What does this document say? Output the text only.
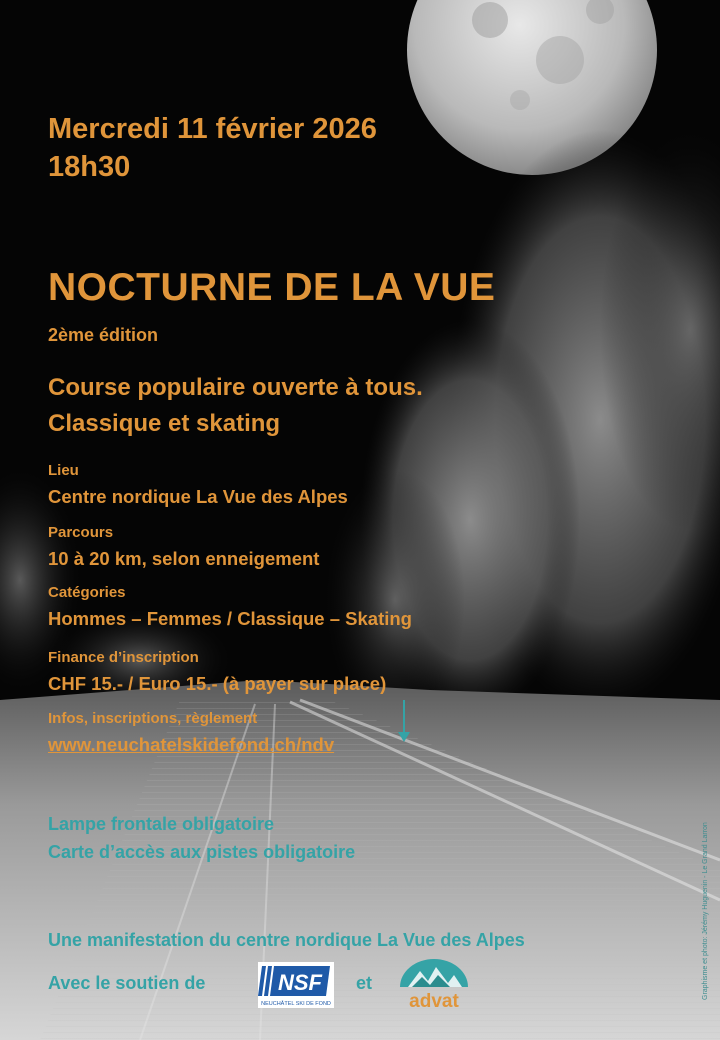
Mercredi 11 février 2026

18h30

NOCTURNE DE LA VUE

2ème édition

Course populaire ouverte à tous.

Classique et skating

Lieu

Centre nordique La Vue des Alpes

Parcours

10 à 20 km, selon enneigement

Catégories

Hommes – Femmes / Classique – Skating

Finance d’inscription

CHF 15.- / Euro 15.- (à payer sur place)

Infos, inscriptions, règlement

www.neuchatelskidefond.ch/ndv

Lampe frontale obligatoire

Carte d’accès aux pistes obligatoire

Une manifestation du centre nordique La Vue des Alpes

Avec le soutien de	et

NSF
NEUCHÂTEL SKI DE FOND	advat
Graphisme et photo: Jérémy Huguenin - Le Grand Larron
